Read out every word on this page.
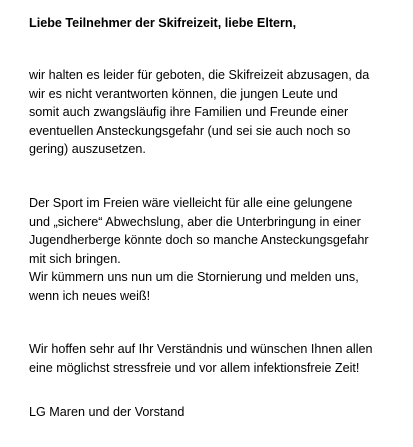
Liebe Teilnehmer der Skifreizeit, liebe Eltern,
wir halten es leider für geboten, die Skifreizeit abzusagen, da
wir es nicht verantworten können, die jungen Leute und
somit auch zwangsläufig ihre Familien und Freunde einer
eventuellen Ansteckungsgefahr (und sei sie auch noch so
gering) auszusetzen.
Der Sport im Freien wäre vielleicht für alle eine gelungene
und „sichere“ Abwechslung, aber die Unterbringung in einer
Jugendherberge könnte doch so manche Ansteckungsgefahr
mit sich bringen.
Wir kümmern uns nun um die Stornierung und melden uns,
wenn ich neues weiß!
Wir hoffen sehr auf Ihr Verständnis und wünschen Ihnen allen
eine möglichst stressfreie und vor allem infektionsfreie Zeit!
LG Maren und der Vorstand
